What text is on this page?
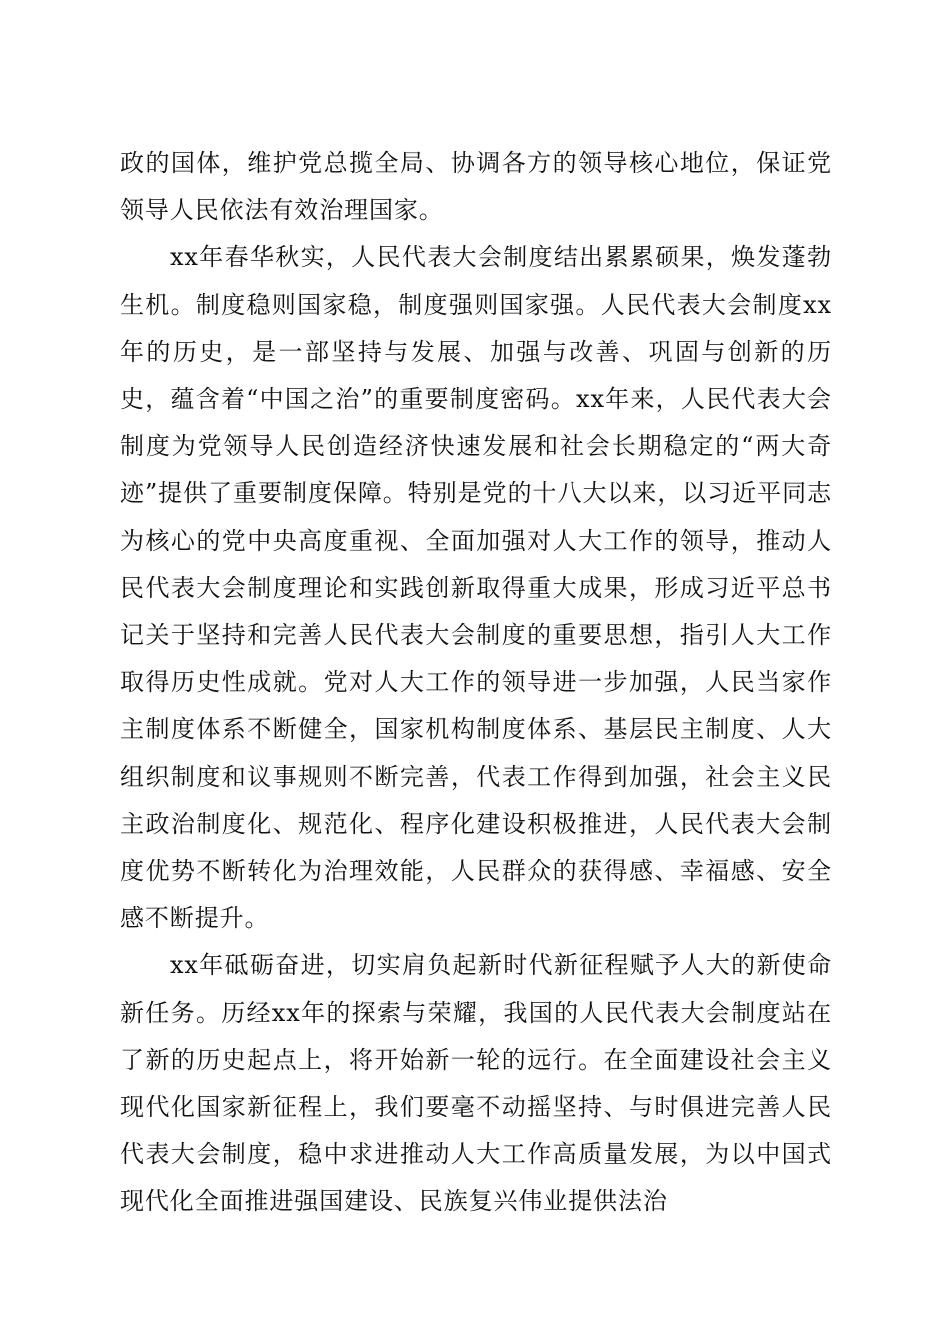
政的国体，维护党总揽全局、协调各方的领导核心地位，保证党领导人民依法有效治理国家。

xx年春华秋实，人民代表大会制度结出累累硕果，焕发蓬勃生机。制度稳则国家稳，制度强则国家强。人民代表大会制度xx年的历史，是一部坚持与发展、加强与改善、巩固与创新的历史，蕴含着“中国之治”的重要制度密码。xx年来，人民代表大会制度为党领导人民创造经济快速发展和社会长期稳定的“两大奇迹”提供了重要制度保障。特别是党的十八大以来，以习近平同志为核心的党中央高度重视、全面加强对人大工作的领导，推动人民代表大会制度理论和实践创新取得重大成果，形成习近平总书记关于坚持和完善人民代表大会制度的重要思想，指引人大工作取得历史性成就。党对人大工作的领导进一步加强，人民当家作主制度体系不断健全，国家机构制度体系、基层民主制度、人大组织制度和议事规则不断完善，代表工作得到加强，社会主义民主政治制度化、规范化、程序化建设积极推进，人民代表大会制度优势不断转化为治理效能，人民群众的获得感、幸福感、安全感不断提升。

xx年砥砺奋进，切实肩负起新时代新征程赋予人大的新使命新任务。历经xx年的探索与荣耀，我国的人民代表大会制度站在了新的历史起点上，将开始新一轮的远行。在全面建设社会主义现代化国家新征程上，我们要毫不动摇坚持、与时俱进完善人民代表大会制度，稳中求进推动人大工作高质量发展，为以中国式现代化全面推进强国建设、民族复兴伟业提供法治
